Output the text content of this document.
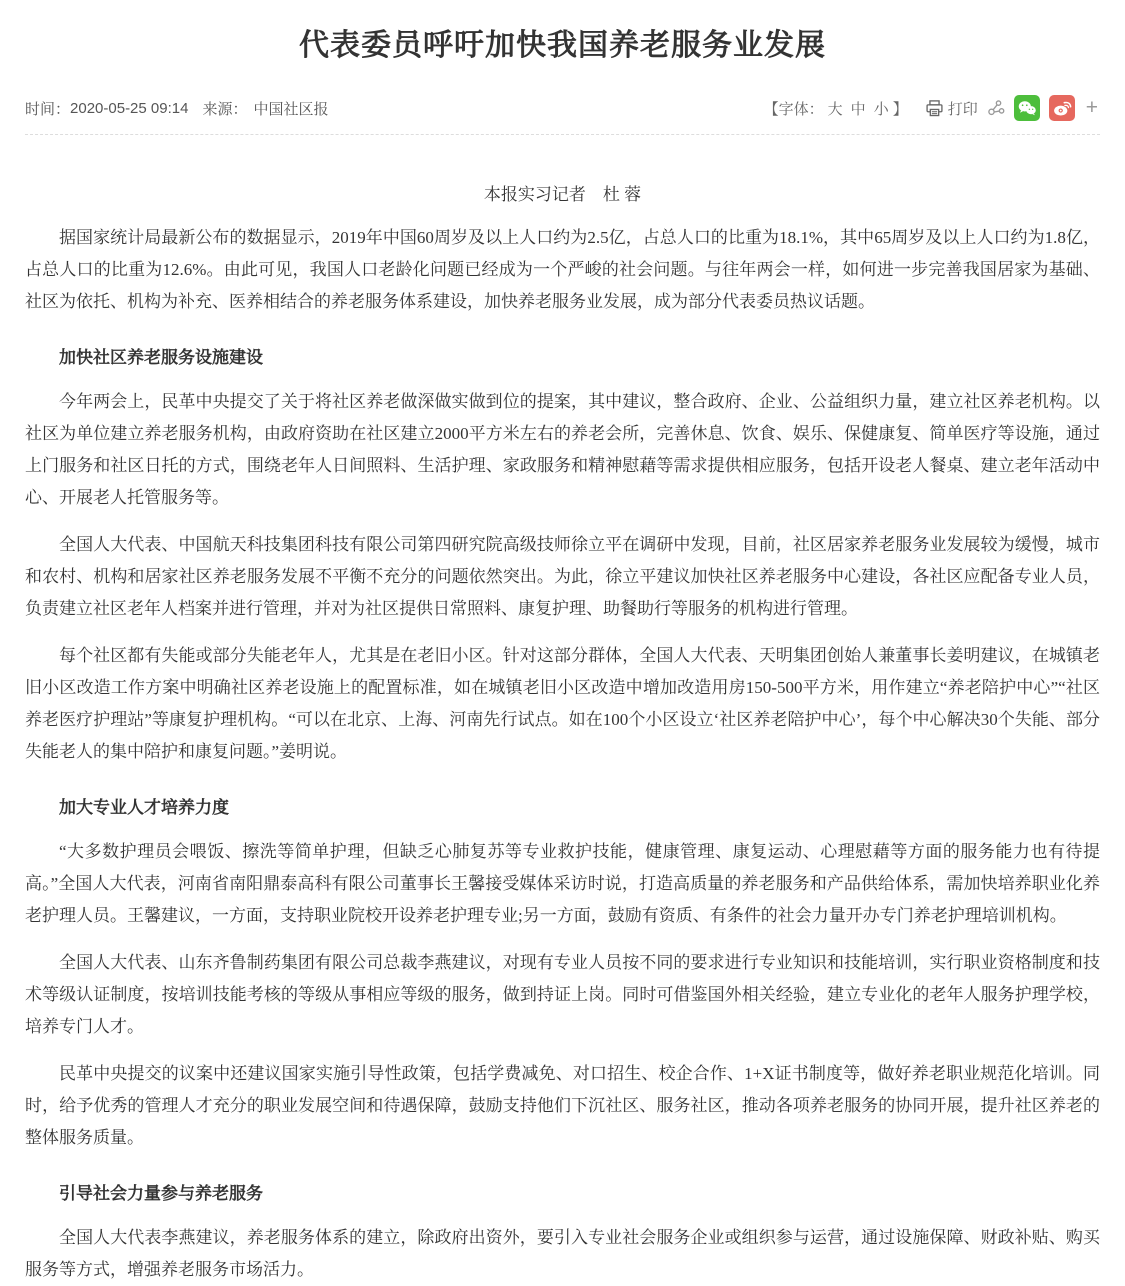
代表委员呼吁加快我国养老服务业发展
时间： 2020-05-25 09:14 来源： 中国社区报	【字体： 大 中 小 】	打印	+
本报实习记者　杜 蓉

据国家统计局最新公布的数据显示，2019年中国60周岁及以上人口约为2.5亿，占总人口的比重为18.1%，其中65周岁及以上人口约为1.8亿，占总人口的比重为12.6%。由此可见，我国人口老龄化问题已经成为一个严峻的社会问题。与往年两会一样，如何进一步完善我国居家为基础、社区为依托、机构为补充、医养相结合的养老服务体系建设，加快养老服务业发展，成为部分代表委员热议话题。

加快社区养老服务设施建设

今年两会上，民革中央提交了关于将社区养老做深做实做到位的提案，其中建议，整合政府、企业、公益组织力量，建立社区养老机构。以社区为单位建立养老服务机构，由政府资助在社区建立2000平方米左右的养老会所，完善休息、饮食、娱乐、保健康复、简单医疗等设施，通过上门服务和社区日托的方式，围绕老年人日间照料、生活护理、家政服务和精神慰藉等需求提供相应服务，包括开设老人餐桌、建立老年活动中心、开展老人托管服务等。

全国人大代表、中国航天科技集团科技有限公司第四研究院高级技师徐立平在调研中发现，目前，社区居家养老服务业发展较为缓慢，城市和农村、机构和居家社区养老服务发展不平衡不充分的问题依然突出。为此，徐立平建议加快社区养老服务中心建设，各社区应配备专业人员，负责建立社区老年人档案并进行管理，并对为社区提供日常照料、康复护理、助餐助行等服务的机构进行管理。

每个社区都有失能或部分失能老年人，尤其是在老旧小区。针对这部分群体，全国人大代表、天明集团创始人兼董事长姜明建议，在城镇老旧小区改造工作方案中明确社区养老设施上的配置标准，如在城镇老旧小区改造中增加改造用房150-500平方米，用作建立“养老陪护中心”“社区养老医疗护理站”等康复护理机构。“可以在北京、上海、河南先行试点。如在100个小区设立‘社区养老陪护中心’，每个中心解决30个失能、部分失能老人的集中陪护和康复问题。”姜明说。

加大专业人才培养力度

“大多数护理员会喂饭、擦洗等简单护理，但缺乏心肺复苏等专业救护技能，健康管理、康复运动、心理慰藉等方面的服务能力也有待提高。”全国人大代表，河南省南阳鼎泰高科有限公司董事长王馨接受媒体采访时说，打造高质量的养老服务和产品供给体系，需加快培养职业化养老护理人员。王馨建议，一方面，支持职业院校开设养老护理专业;另一方面，鼓励有资质、有条件的社会力量开办专门养老护理培训机构。

全国人大代表、山东齐鲁制药集团有限公司总裁李燕建议，对现有专业人员按不同的要求进行专业知识和技能培训，实行职业资格制度和技术等级认证制度，按培训技能考核的等级从事相应等级的服务，做到持证上岗。同时可借鉴国外相关经验，建立专业化的老年人服务护理学校，培养专门人才。

民革中央提交的议案中还建议国家实施引导性政策，包括学费减免、对口招生、校企合作、1+X证书制度等，做好养老职业规范化培训。同时，给予优秀的管理人才充分的职业发展空间和待遇保障，鼓励支持他们下沉社区、服务社区，推动各项养老服务的协同开展，提升社区养老的整体服务质量。

引导社会力量参与养老服务

全国人大代表李燕建议，养老服务体系的建立，除政府出资外，要引入专业社会服务企业或组织参与运营，通过设施保障、财政补贴、购买服务等方式，增强养老服务市场活力。
